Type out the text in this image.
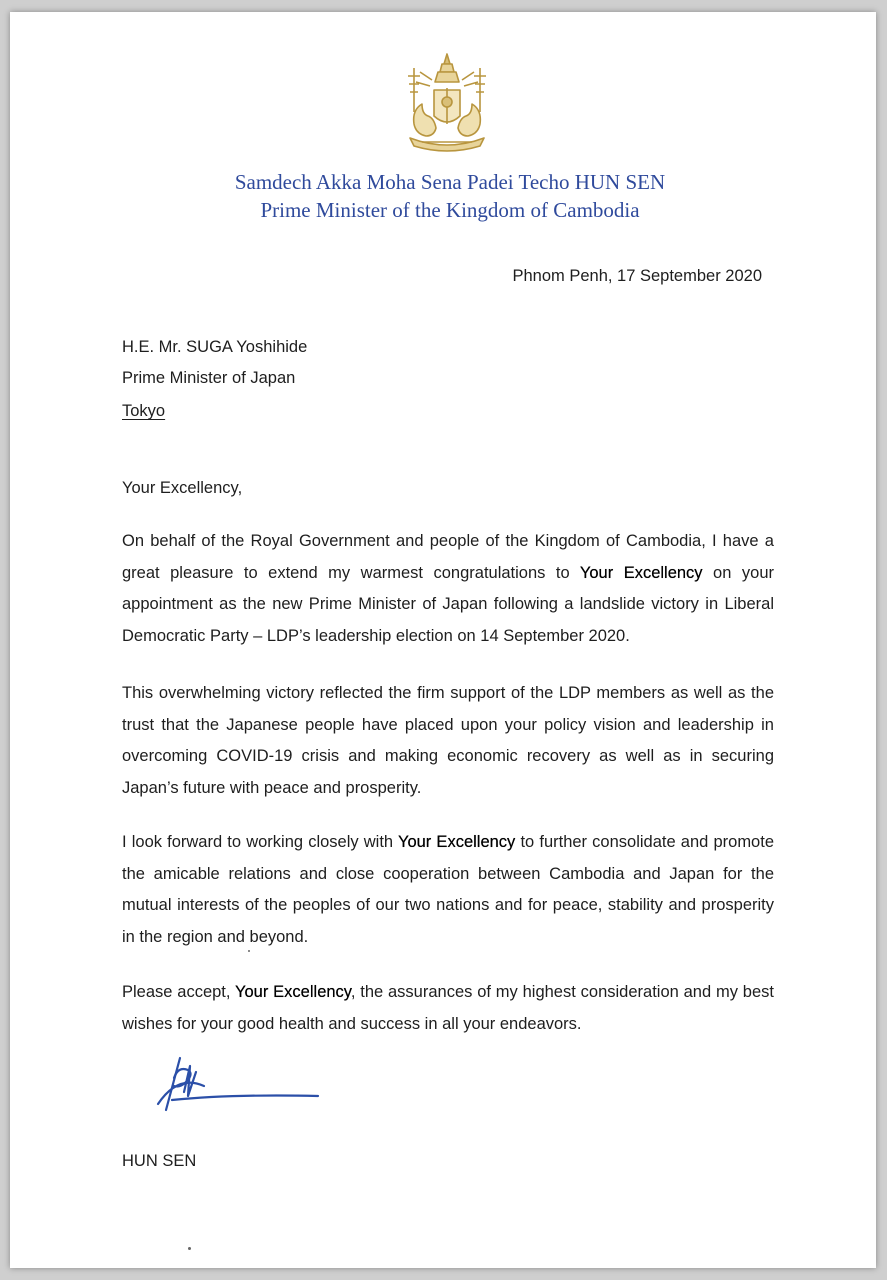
Samdech Akka Moha Sena Padei Techo HUN SEN
Prime Minister of the Kingdom of Cambodia
Phnom Penh, 17 September 2020
H.E. Mr. SUGA Yoshihide
Prime Minister of Japan
Tokyo
Your Excellency,

On behalf of the Royal Government and people of the Kingdom of Cambodia, I have a great pleasure to extend my warmest congratulations to Your Excellency on your appointment as the new Prime Minister of Japan following a landslide victory in Liberal Democratic Party – LDP’s leadership election on 14 September 2020.

This overwhelming victory reflected the firm support of the LDP members as well as the trust that the Japanese people have placed upon your policy vision and leadership in overcoming COVID-19 crisis and making economic recovery as well as in securing Japan’s future with peace and prosperity.

I look forward to working closely with Your Excellency to further consolidate and promote the amicable relations and close cooperation between Cambodia and Japan for the mutual interests of the peoples of our two nations and for peace, stability and prosperity in the region and beyond.

Please accept, Your Excellency, the assurances of my highest consideration and my best wishes for your good health and success in all your endeavors.

HUN SEN
